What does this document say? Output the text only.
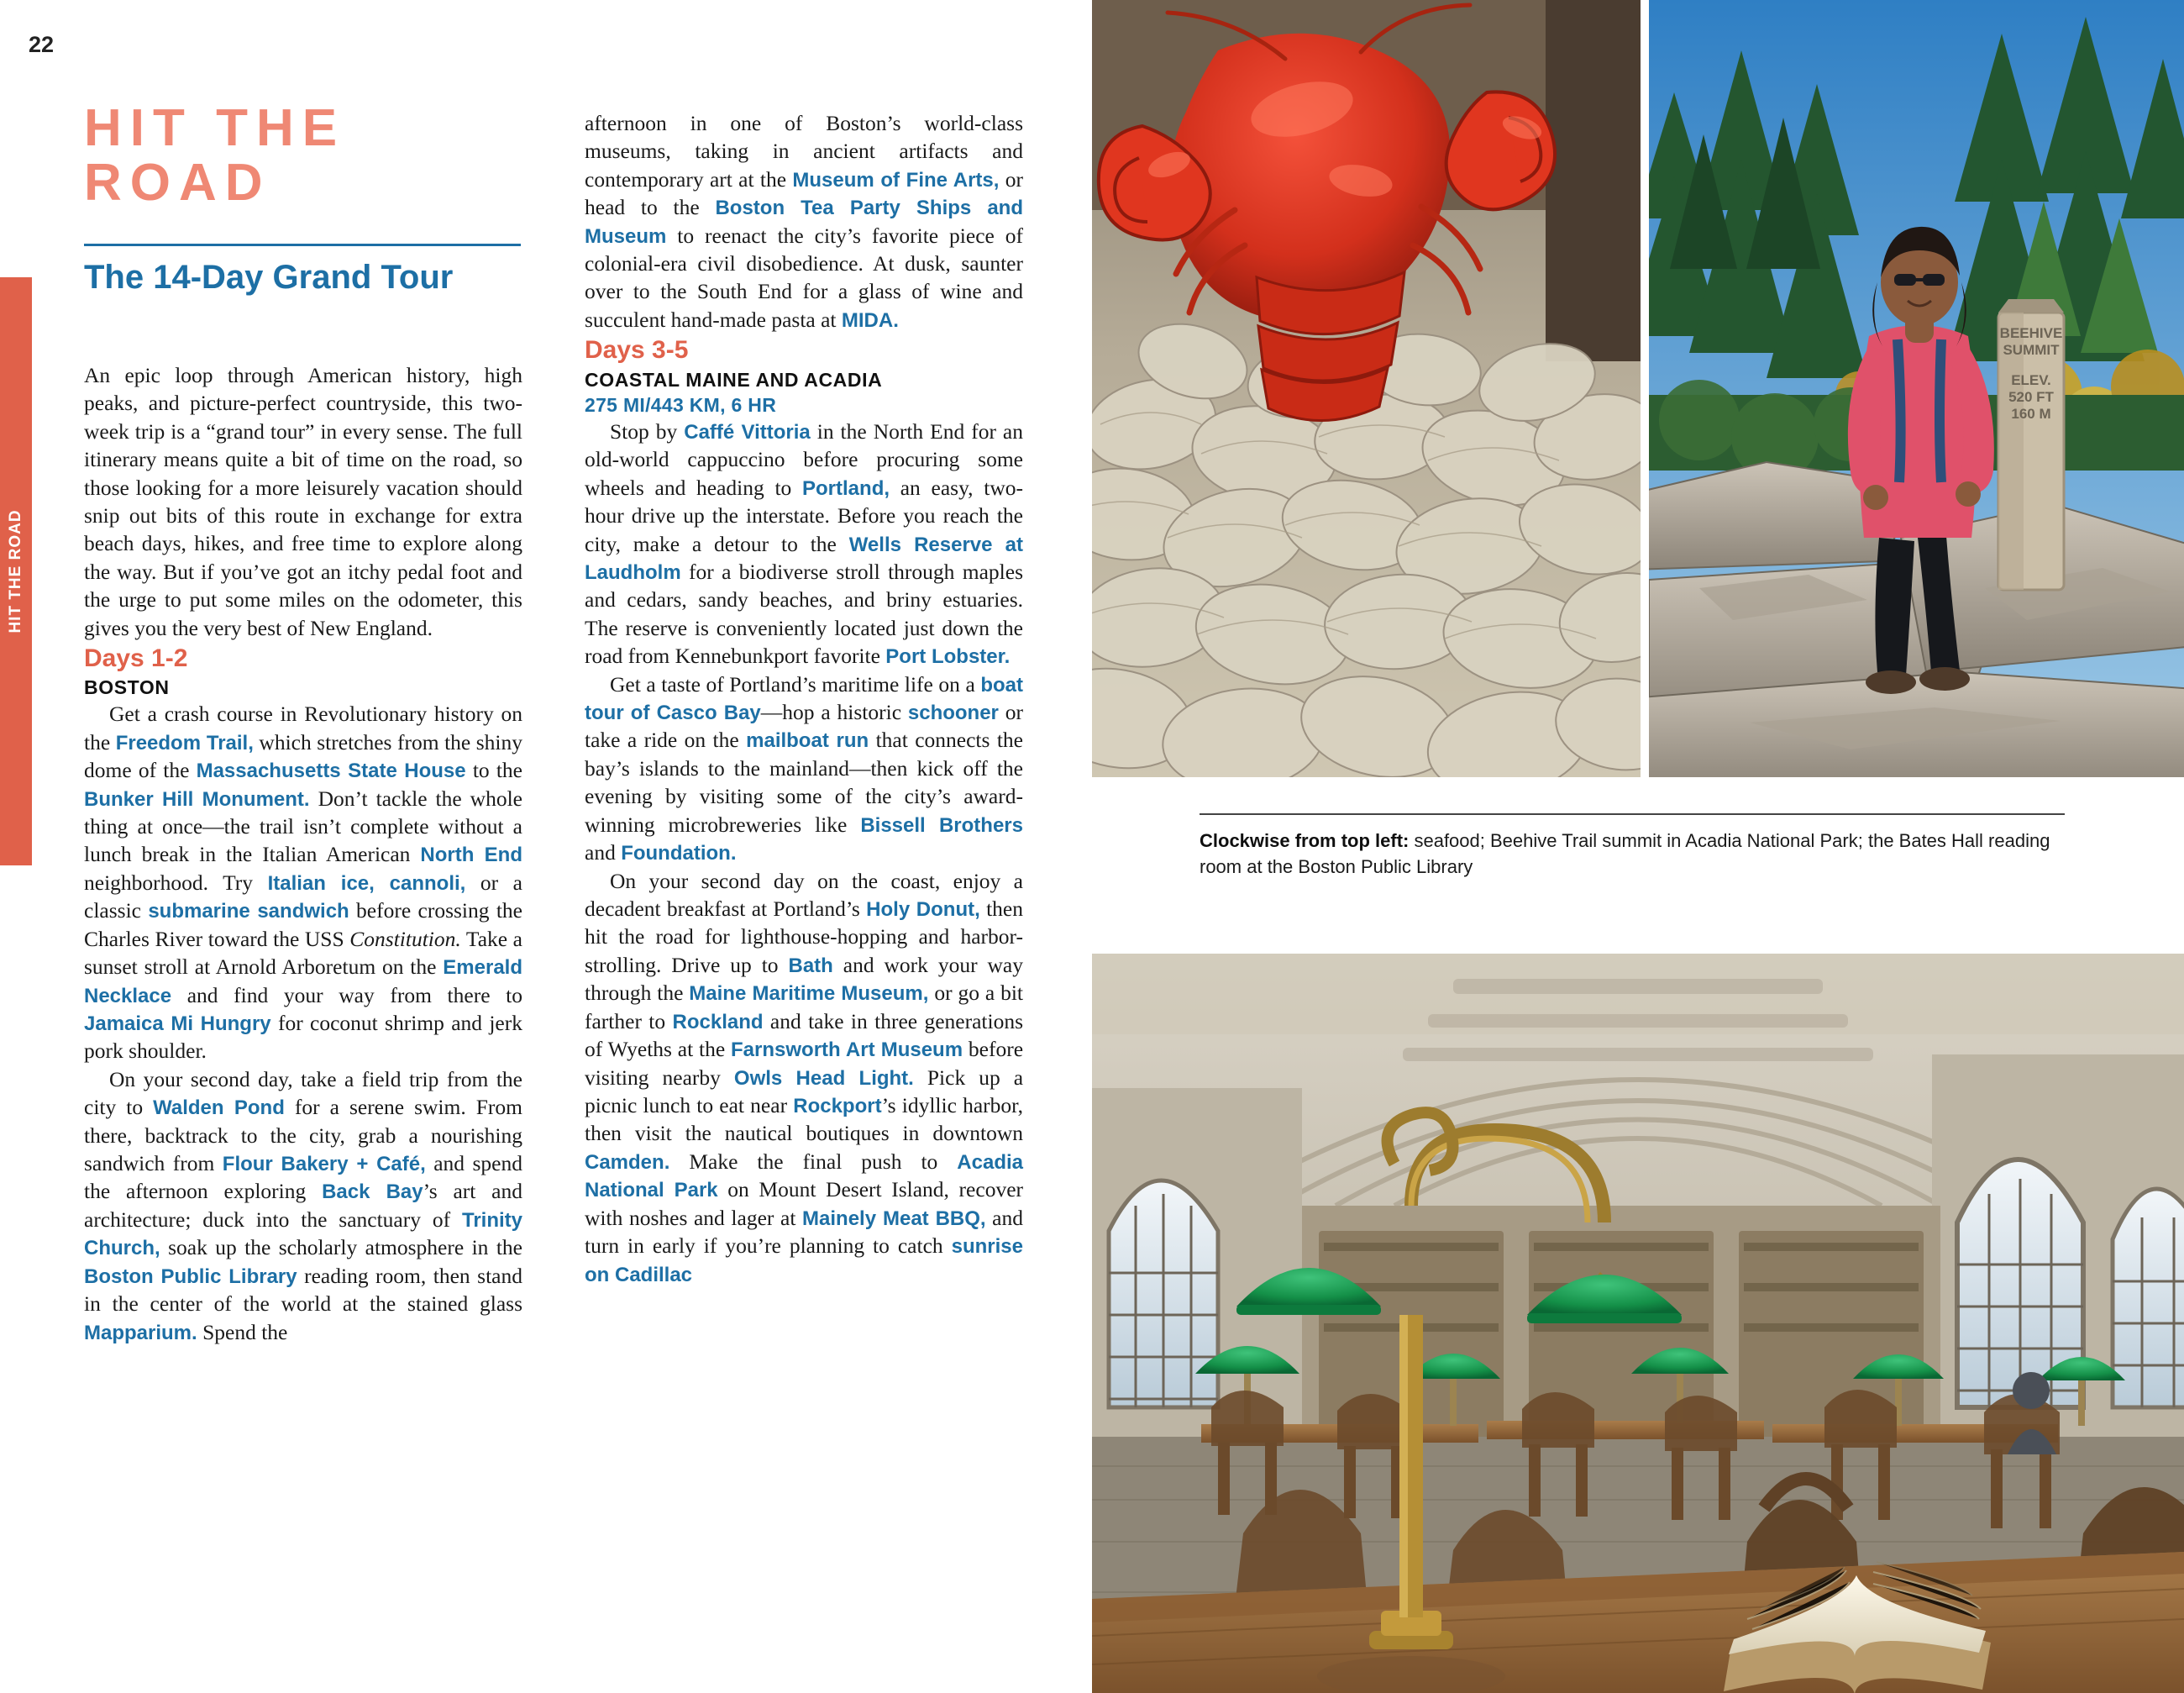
22
HIT THE ROAD
HIT THE ROAD
The 14-Day Grand Tour

An epic loop through American history, high peaks, and picture-perfect countryside, this two-week trip is a “grand tour” in every sense. The full itinerary means quite a bit of time on the road, so those looking for a more leisurely vacation should snip out bits of this route in exchange for extra beach days, hikes, and free time to explore along the way. But if you’ve got an itchy pedal foot and the urge to put some miles on the odometer, this gives you the very best of New England.

Days 1-2

BOSTON

Get a crash course in Revolutionary history on the Freedom Trail, which stretches from the shiny dome of the Massachusetts State House to the Bunker Hill Monument. Don’t tackle the whole thing at once—the trail isn’t complete without a lunch break in the Italian American North End neighborhood. Try Italian ice, cannoli, or a classic submarine sandwich before crossing the Charles River toward the USS Constitution. Take a sunset stroll at Arnold Arboretum on the Emerald Necklace and find your way from there to Jamaica Mi Hungry for coconut shrimp and jerk pork shoulder.

On your second day, take a field trip from the city to Walden Pond for a serene swim. From there, backtrack to the city, grab a nourishing sandwich from Flour Bakery + Café, and spend the afternoon exploring Back Bay’s art and architecture; duck into the sanctuary of Trinity Church, soak up the scholarly atmosphere in the Boston Public Library reading room, then stand in the center of the world at the stained glass Mapparium. Spend the

afternoon in one of Boston’s world-class museums, taking in ancient artifacts and contemporary art at the Museum of Fine Arts, or head to the Boston Tea Party Ships and Museum to reenact the city’s favorite piece of colonial-era civil disobedience. At dusk, saunter over to the South End for a glass of wine and succulent hand-made pasta at MIDA.

Days 3-5

COASTAL MAINE AND ACADIA

275 MI/443 KM, 6 HR

Stop by Caffé Vittoria in the North End for an old-world cappuccino before procuring some wheels and heading to Portland, an easy, two-hour drive up the interstate. Before you reach the city, make a detour to the Wells Reserve at Laudholm for a biodiverse stroll through maples and cedars, sandy beaches, and briny estuaries. The reserve is conveniently located just down the road from Kennebunkport favorite Port Lobster.

Get a taste of Portland’s maritime life on a boat tour of Casco Bay—hop a historic schooner or take a ride on the mailboat run that connects the bay’s islands to the mainland—then kick off the evening by visiting some of the city’s award-winning microbreweries like Bissell Brothers and Foundation.

On your second day on the coast, enjoy a decadent breakfast at Portland’s Holy Donut, then hit the road for lighthouse-hopping and harbor-strolling. Drive up to Bath and work your way through the Maine Maritime Museum, or go a bit farther to Rockland and take in three generations of Wyeths at the Farnsworth Art Museum before visiting nearby Owls Head Light. Pick up a picnic lunch to eat near Rockport’s idyllic harbor, then visit the nautical boutiques in downtown Camden. Make the final push to Acadia National Park on Mount Desert Island, recover with noshes and lager at Mainely Meat BBQ, and turn in early if you’re planning to catch sunrise on Cadillac

BEEHIVE
SUMMIT
ELEV.
520 FT
160 M
Clockwise from top left: seafood; Beehive Trail summit in Acadia National Park; the Bates Hall reading room at the Boston Public Library
